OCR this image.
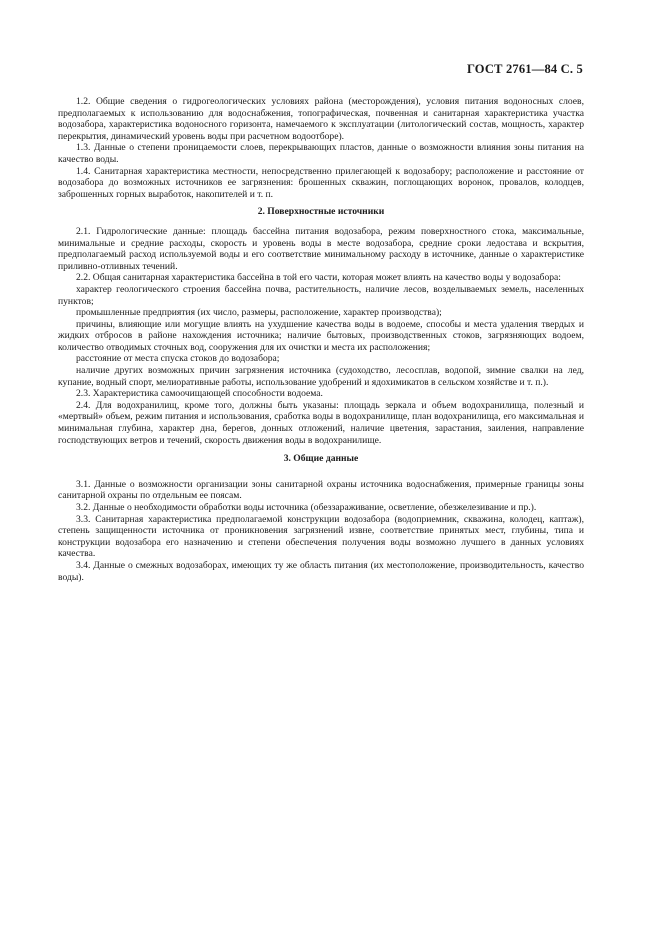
ГОСТ 2761—84 С. 5

1.2. Общие сведения о гидрогеологических условиях района (месторождения), условия питания водоносных слоев, предполагаемых к использованию для водоснабжения, топографическая, почвенная и санитарная характеристика участка водозабора, характеристика водоносного горизонта, намечаемого к эксплуатации (литологический состав, мощность, характер перекрытия, динамический уровень воды при расчетном водоотборе).

1.3. Данные о степени проницаемости слоев, перекрывающих пластов, данные о возможности влияния зоны питания на качество воды.

1.4. Санитарная характеристика местности, непосредственно прилегающей к водозабору; расположение и расстояние от водозабора до возможных источников ее загрязнения: брошенных скважин, поглощающих воронок, провалов, колодцев, заброшенных горных выработок, накопителей и т. п.

2. Поверхностные источники

2.1. Гидрологические данные: площадь бассейна питания водозабора, режим поверхностного стока, максимальные, минимальные и средние расходы, скорость и уровень воды в месте водозабора, средние сроки ледостава и вскрытия, предполагаемый расход используемой воды и его соответствие минимальному расходу в источнике, данные о характеристике приливно-отливных течений.

2.2. Общая санитарная характеристика бассейна в той его части, которая может влиять на качество воды у водозабора:

характер геологического строения бассейна почва, растительность, наличие лесов, возделываемых земель, населенных пунктов;

промышленные предприятия (их число, размеры, расположение, характер производства);

причины, влияющие или могущие влиять на ухудшение качества воды в водоеме, способы и места удаления твердых и жидких отбросов в районе нахождения источника; наличие бытовых, производственных стоков, загрязняющих водоем, количество отводимых сточных вод, сооружения для их очистки и места их расположения;

расстояние от места спуска стоков до водозабора;

наличие других возможных причин загрязнения источника (судоходство, лесосплав, водопой, зимние свалки на лед, купание, водный спорт, мелиоративные работы, использование удобрений и ядохимикатов в сельском хозяйстве и т. п.).

2.3. Характеристика самоочищающей способности водоема.

2.4. Для водохранилищ, кроме того, должны быть указаны: площадь зеркала и объем водохранилища, полезный и «мертвый» объем, режим питания и использования, сработка воды в водохранилище, план водохранилища, его максимальная и минимальная глубина, характер дна, берегов, донных отложений, наличие цветения, зарастания, заиления, направление господствующих ветров и течений, скорость движения воды в водохранилище.

3. Общие данные

3.1. Данные о возможности организации зоны санитарной охраны источника водоснабжения, примерные границы зоны санитарной охраны по отдельным ее поясам.

3.2. Данные о необходимости обработки воды источника (обеззараживание, осветление, обезжелезивание и пр.).

3.3. Санитарная характеристика предполагаемой конструкции водозабора (водоприемник, скважина, колодец, каптаж), степень защищенности источника от проникновения загрязнений извне, соответствие принятых мест, глубины, типа и конструкции водозабора его назначению и степени обеспечения получения воды возможно лучшего в данных условиях качества.

3.4. Данные о смежных водозаборах, имеющих ту же область питания (их местоположение, производительность, качество воды).
